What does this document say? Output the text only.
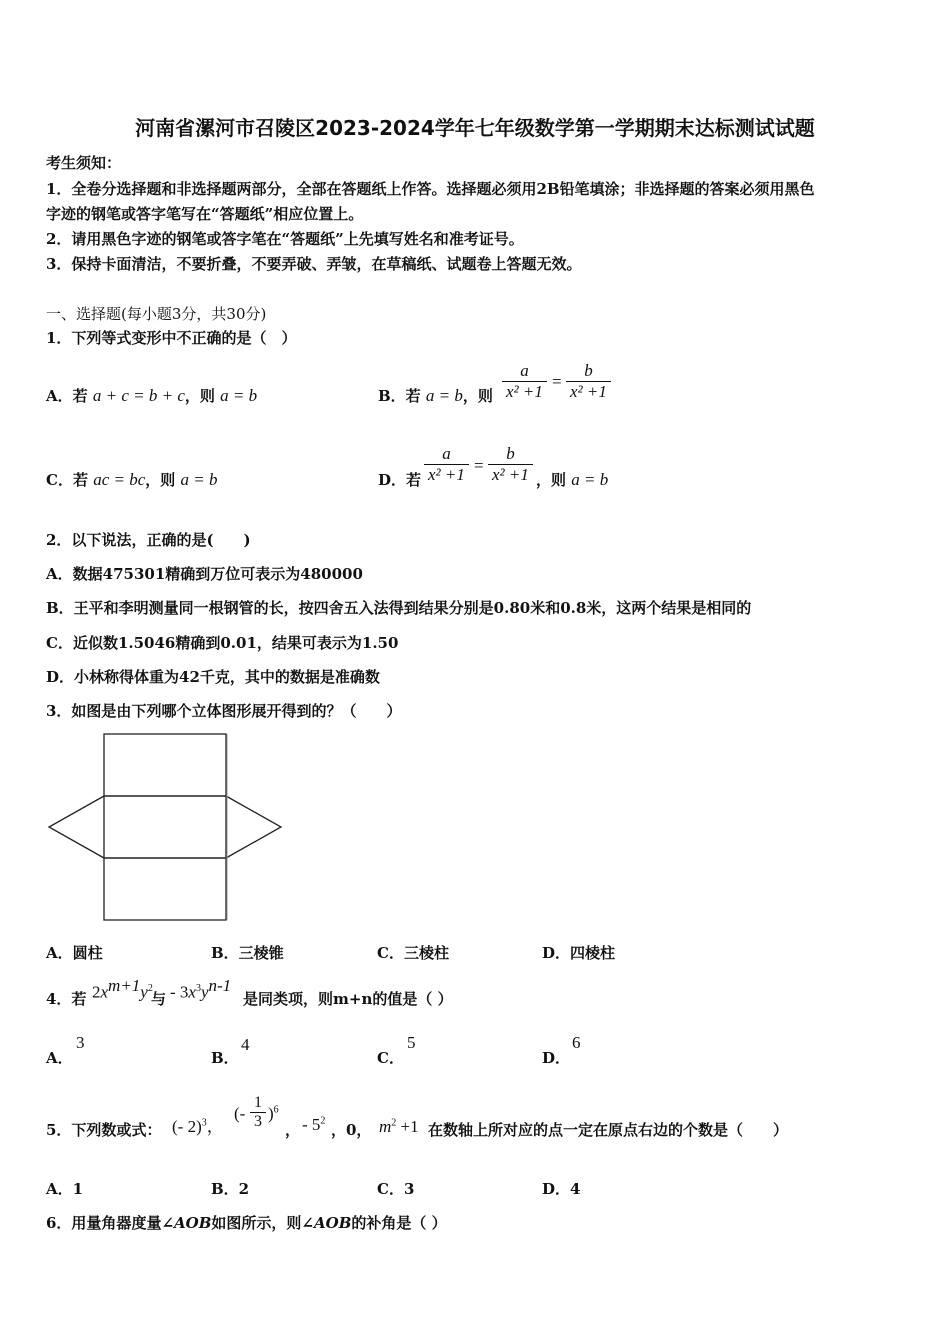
河南省漯河市召陵区2023-2024学年七年级数学第一学期期末达标测试试题
考生须知：
1．全卷分选择题和非选择题两部分，全部在答题纸上作答。选择题必须用2B铅笔填涂；非选择题的答案必须用黑色
字迹的钢笔或答字笔写在“答题纸”相应位置上。
2．请用黑色字迹的钢笔或答字笔在“答题纸”上先填写姓名和准考证号。
3．保持卡面清洁，不要折叠，不要弄破、弄皱，在草稿纸、试题卷上答题无效。
一、选择题(每小题3分，共30分)
1．下列等式变形中不正确的是（　）
A．若 a + c = b + c，则 a = b	B．若 a = b，则 $\frac{a}{\text{x² +1}} = \frac{b}{\text{x² +1}}$
C．若 ac = bc，则 a = b	D．若 $\frac{a}{\text{x² +1}} = \frac{b}{\text{x² +1}}$ ，则 a = b
2．以下说法，正确的是(　　)
A．数据475301精确到万位可表示为480000
B．王平和李明测量同一根钢管的长，按四舍五入法得到结果分别是0.80米和0.8米，这两个结果是相同的
C．近似数1.5046精确到0.01，结果可表示为1.50
D．小林称得体重为42千克，其中的数据是准确数
3．如图是由下列哪个立体图形展开得到的？（　　）
A．圆柱	B．三棱锥	C．三棱柱	D．四棱柱
4．若 $2x^{m+1}y^2$
与 - $3x^3y^{n-1}$
是同类项，则m+n的值是（ ）
A．
3
B．
4
C．
5
D．
6
5．下列数或式： (- 2)$^3$，
(- $\frac{1}{3} )^6$
， - $5^2$
，0， $m^2 +1$ 在数轴上所对应的点一定在原点右边的个数是（　　）
A．1	B．2	C．3	D．4
6．用量角器度量∠AOB如图所示，则∠AOB的补角是（ ）
